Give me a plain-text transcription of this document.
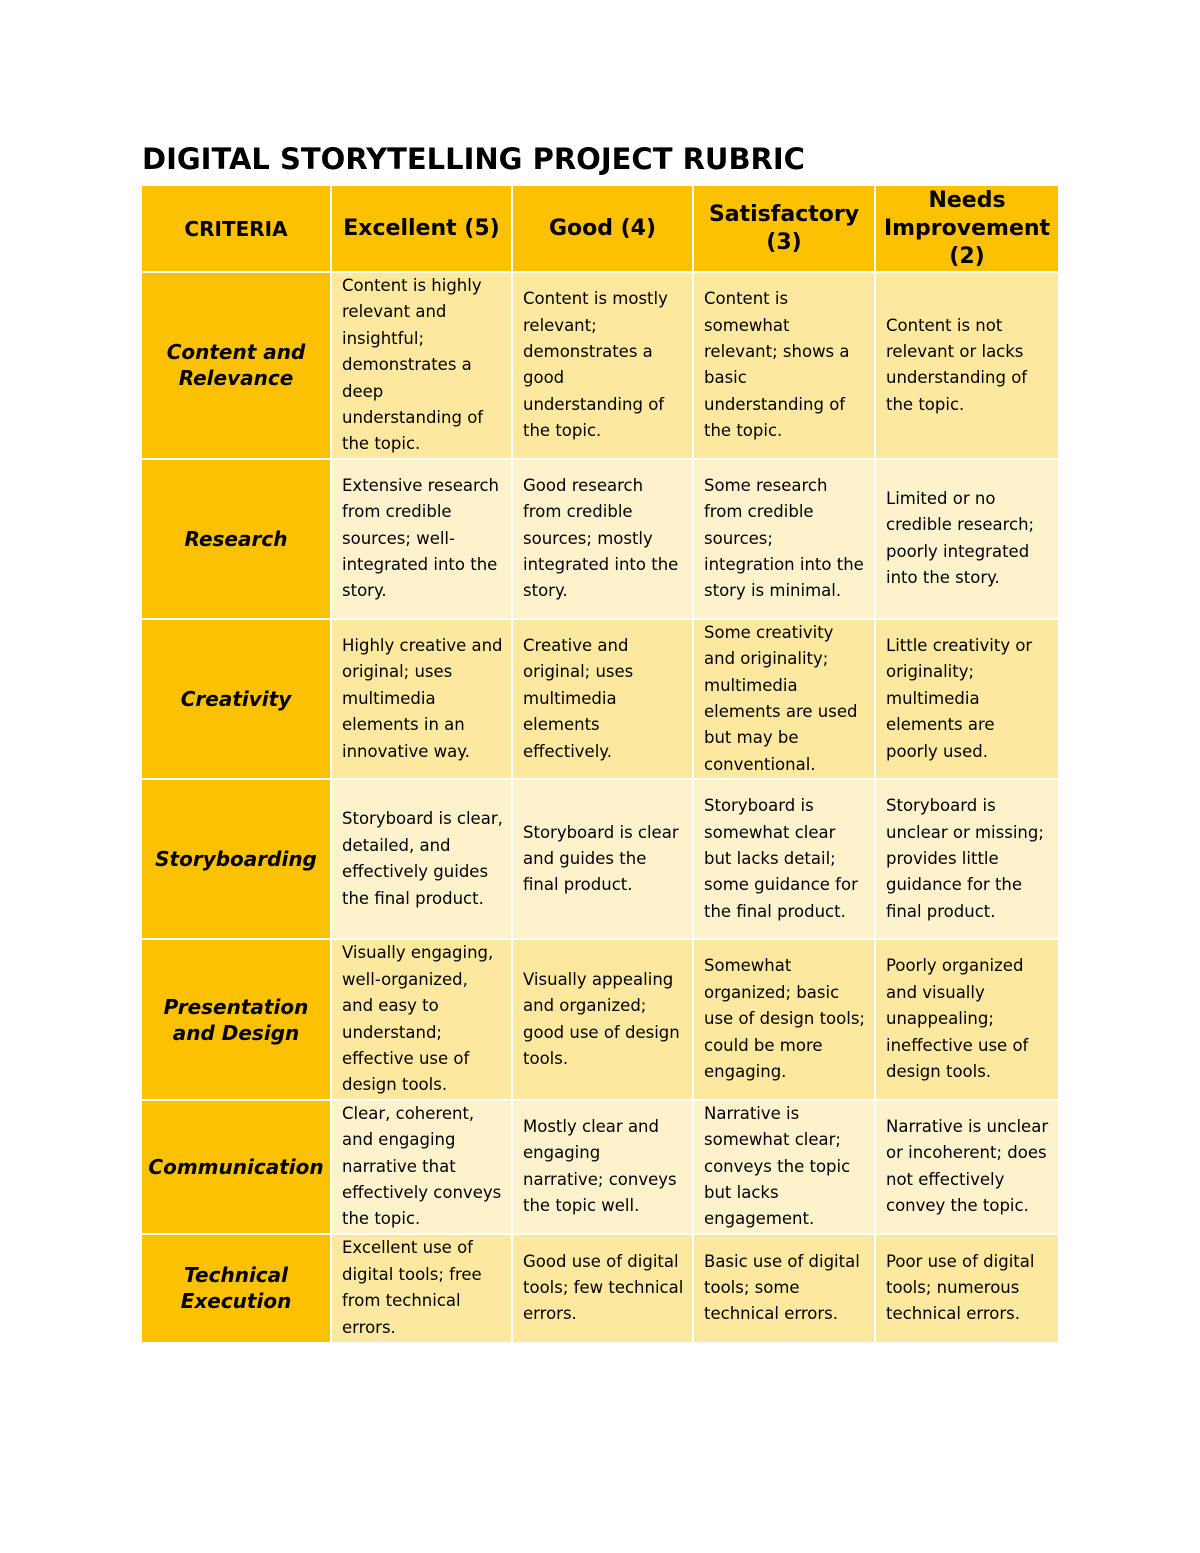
DIGITAL STORYTELLING PROJECT RUBRIC
CRITERIA	Excellent (5)	Good (4)	Satisfactory (3)	Needs Improvement (2)

Content and Relevance	Content is highly relevant and insightful; demonstrates a deep understanding of the topic.	Content is mostly relevant; demonstrates a good understanding of the topic.	Content is somewhat relevant; shows a basic understanding of the topic.	Content is not relevant or lacks understanding of the topic.

Research	Extensive research from credible sources; well-integrated into the story.	Good research from credible sources; mostly integrated into the story.	Some research from credible sources; integration into the story is minimal.	Limited or no credible research; poorly integrated into the story.

Creativity	Highly creative and original; uses multimedia elements in an innovative way.	Creative and original; uses multimedia elements effectively.	Some creativity and originality; multimedia elements are used but may be conventional.	Little creativity or originality; multimedia elements are poorly used.

Storyboarding	Storyboard is clear, detailed, and effectively guides the final product.	Storyboard is clear and guides the final product.	Storyboard is somewhat clear but lacks detail; some guidance for the final product.	Storyboard is unclear or missing; provides little guidance for the final product.

Presentation and Design	Visually engaging, well-organized, and easy to understand; effective use of design tools.	Visually appealing and organized; good use of design tools.	Somewhat organized; basic use of design tools; could be more engaging.	Poorly organized and visually unappealing; ineffective use of design tools.

Communication	Clear, coherent, and engaging narrative that effectively conveys the topic.	Mostly clear and engaging narrative; conveys the topic well.	Narrative is somewhat clear; conveys the topic but lacks engagement.	Narrative is unclear or incoherent; does not effectively convey the topic.

Technical Execution	Excellent use of digital tools; free from technical errors.	Good use of digital tools; few technical errors.	Basic use of digital tools; some technical errors.	Poor use of digital tools; numerous technical errors.
